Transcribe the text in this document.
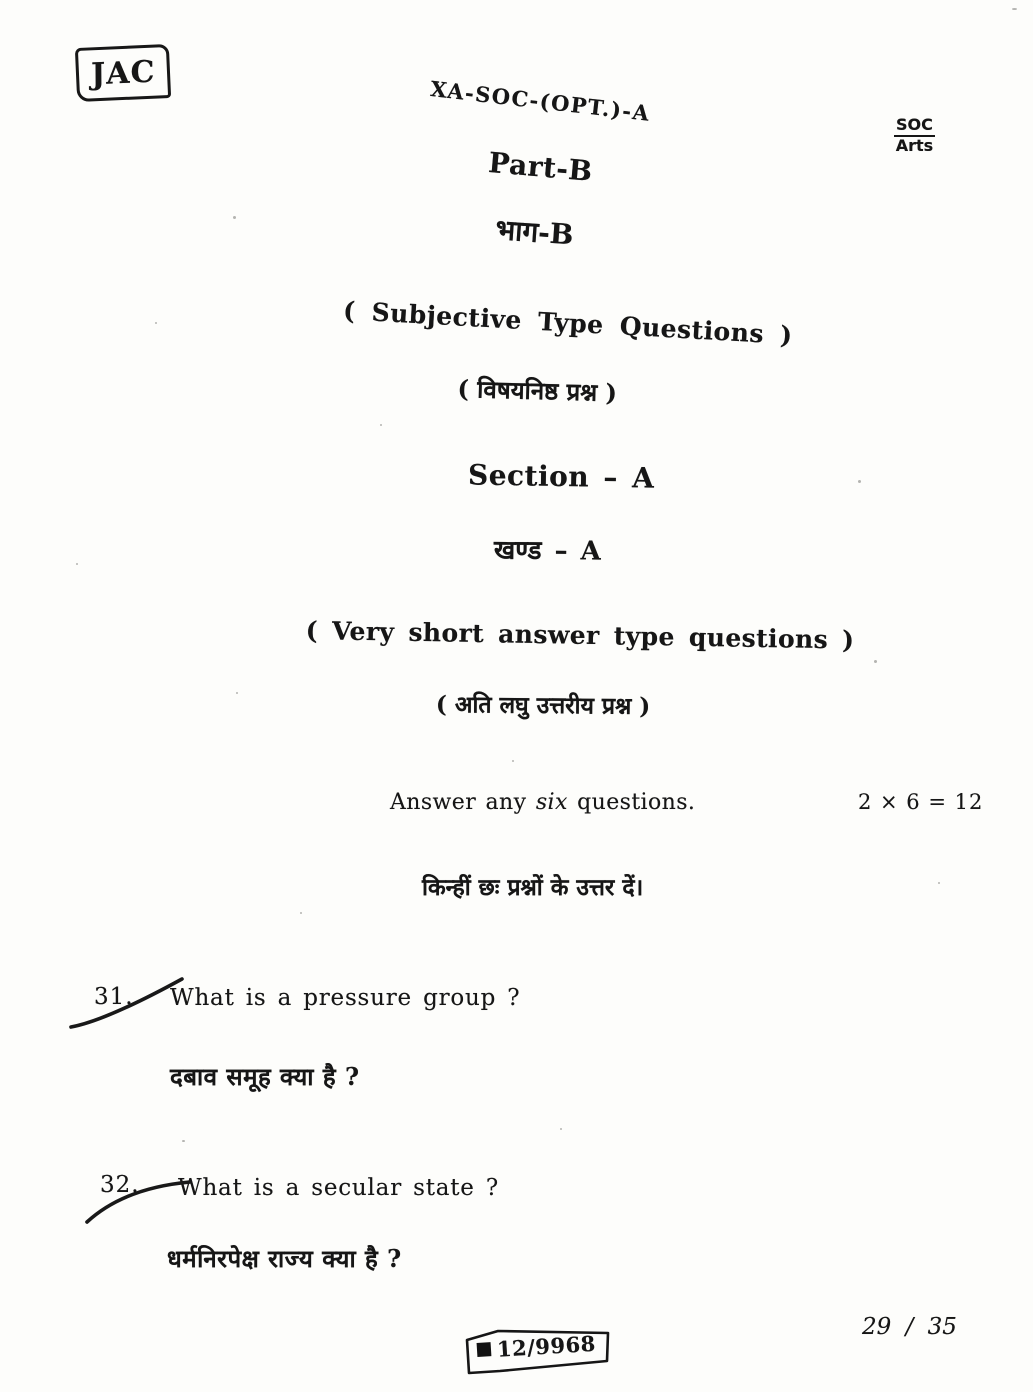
JAC
XA-SOC-(OPT.)-A	SOC
Arts
Part-B
भाग-B
( Subjective Type Questions )
( विषयनिष्ठ प्रश्न )
Section – A
खण्ड – A
( Very short answer type questions )
( अति लघु उत्तरीय प्रश्न )
Answer any six questions.	2 × 6 = 12
किन्हीं छः प्रश्नों के उत्तर दें।
31. What is a pressure group ?
दबाव समूह क्या है ?
32. What is a secular state ?
धर्मनिरपेक्ष राज्य क्या है ?
29 / 35
12/9968
